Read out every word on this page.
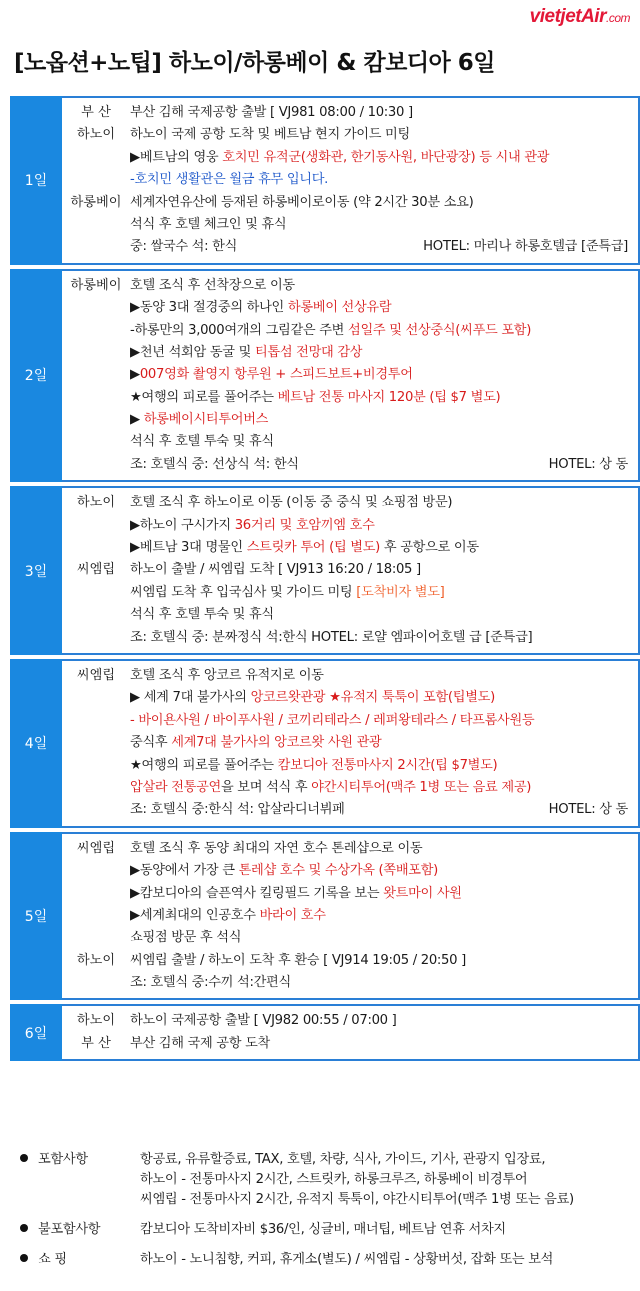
vietjetAir.com
[노옵션+노팁] 하노이/하롱베이 & 캄보디아 6일
1일
부 산	부산 김해 국제공항 출발 [ VJ981 08:00 / 10:30 ]
하노이	하노이 국제 공항 도착 및 베트남 현지 가이드 미팅
▶베트남의 영웅 호치민 유적군(생화관, 한기동사원, 바단광장) 등 시내 관광
-호치민 생활관은 월금 휴무 입니다.
하롱베이 세계자연유산에 등재된 하롱베이로이동 (약 2시간 30분 소요)
석식 후 호텔 체크인 및 휴식
중: 쌀국수 석: 한식	HOTEL: 마리나 하롱호텔급 [준특급]
2일
하롱베이 호텔 조식 후 선착장으로 이동
▶동양 3대 절경중의 하나인 하롱베이 선상유람
-하롱만의 3,000여개의 그림같은 주변 섬일주 및 선상중식(씨푸드 포함)
▶천년 석회암 동굴 및 티톱섬 전망대 감상
▶007영화 촬영지 항루원 + 스피드보트+비경투어
★여행의 피로를 풀어주는 베트남 전통 마사지 120분 (팁 $7 별도)
▶ 하롱베이시티투어버스
석식 후 호텔 투숙 및 휴식
조: 호텔식 중: 선상식 석: 한식	HOTEL: 상 동
3일
하노이	호텔 조식 후 하노이로 이동 (이동 중 중식 및 쇼핑점 방문)
▶하노이 구시가지 36거리 및 호암끼엠 호수
▶베트남 3대 명물인 스트릿카 투어 (팁 별도) 후 공항으로 이동
씨엠립	하노이 출발 / 씨엠립 도착 [ VJ913 16:20 / 18:05 ]
씨엠립 도착 후 입국심사 및 가이드 미팅 [도착비자 별도]
석식 후 호텔 투숙 및 휴식
조: 호텔식 중: 분짜정식 석:한식 HOTEL: 로얄 엠파이어호텔 급 [준특급]
4일
씨엠립	호텔 조식 후 앙코르 유적지로 이동
▶ 세계 7대 불가사의 앙코르왓관광 ★유적지 툭툭이 포함(팁별도)
- 바이욘사원 / 바이푸사원 / 코끼리테라스 / 레퍼왕테라스 / 타프롬사원등
중식후 세계7대 불가사의 앙코르왓 사원 관광
★여행의 피로를 풀어주는 캄보디아 전통마사지 2시간(팁 $7별도)
압살라 전통공연을 보며 석식 후 야간시티투어(맥주 1병 또는 음료 제공)
조: 호텔식 중:한식 석: 압살라디너뷔페	HOTEL: 상 동
5일
씨엠립	호텔 조식 후 동양 최대의 자연 호수 톤레샵으로 이동
▶동양에서 가장 큰 톤레샵 호수 및 수상가옥 (쪽배포함)
▶캄보디아의 슬픈역사 킬링필드 기록을 보는 왓트마이 사원
▶세계최대의 인공호수 바라이 호수
쇼핑점 방문 후 석식
하노이	씨엠립 출발 / 하노이 도착 후 환승 [ VJ914 19:05 / 20:50 ]
조: 호텔식 중:수끼 석:간편식
6일
하노이	하노이 국제공항 출발 [ VJ982 00:55 / 07:00 ]
부 산	부산 김해 국제 공항 도착
포함사항	항공료, 유류할증료, TAX, 호텔, 차량, 식사, 가이드, 기사, 관광지 입장료,
하노이 - 전통마사지 2시간, 스트릿카, 하롱크루즈, 하롱베이 비경투어
씨엠립 - 전통마사지 2시간, 유적지 툭툭이, 야간시티투어(맥주 1병 또는 음료)
불포함사항	캄보디아 도착비자비 $36/인, 싱글비, 매너팁, 베트남 연휴 서차지
쇼 핑	하노이 - 노니침향, 커피, 휴게소(별도) / 씨엠립 - 상황버섯, 잡화 또는 보석
